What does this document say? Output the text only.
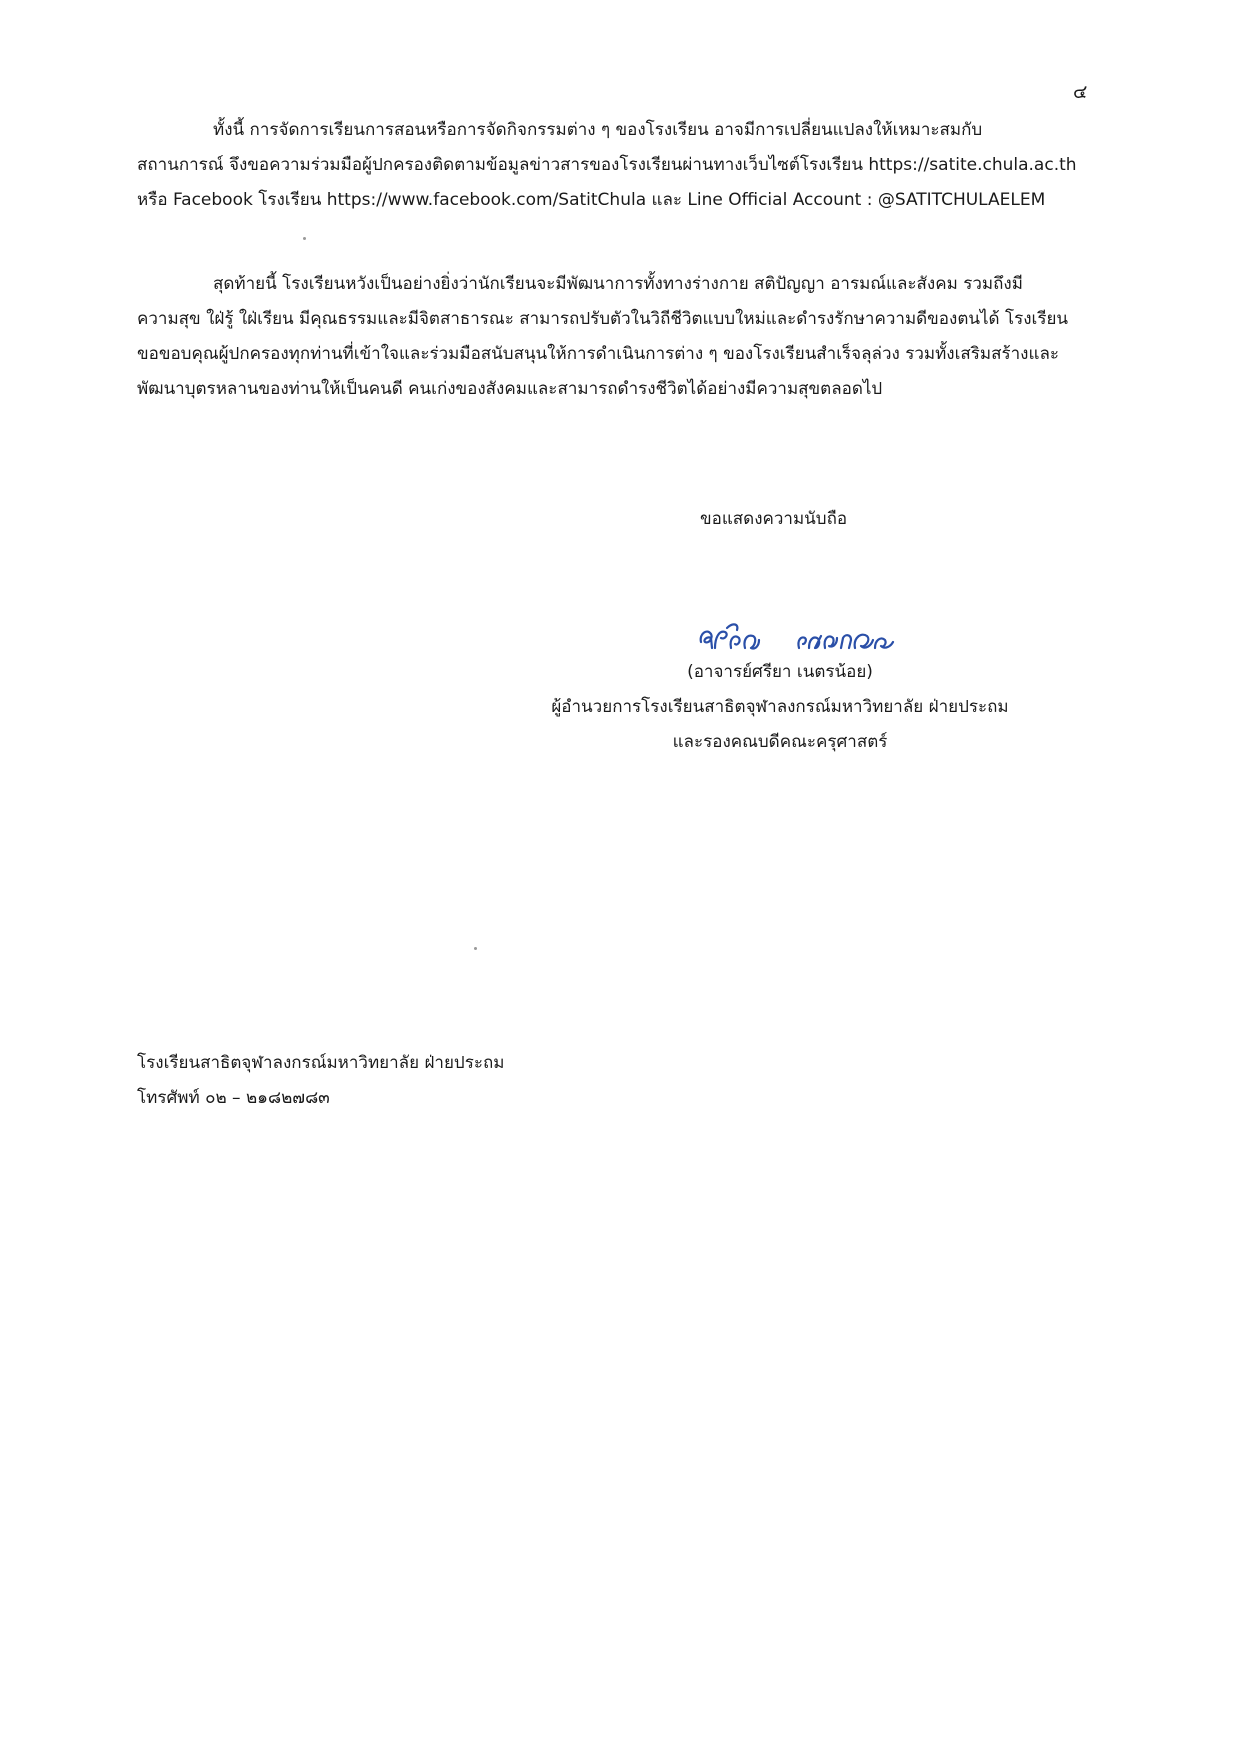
๔
ทั้งนี้ การจัดการเรียนการสอนหรือการจัดกิจกรรมต่าง ๆ ของโรงเรียน อาจมีการเปลี่ยนแปลงให้เหมาะสมกับ
สถานการณ์ จึงขอความร่วมมือผู้ปกครองติดตามข้อมูลข่าวสารของโรงเรียนผ่านทางเว็บไซต์โรงเรียน https://satite.chula.ac.th
หรือ Facebook โรงเรียน https://www.facebook.com/SatitChula และ Line Official Account : @SATITCHULAELEM
สุดท้ายนี้ โรงเรียนหวังเป็นอย่างยิ่งว่านักเรียนจะมีพัฒนาการทั้งทางร่างกาย สติปัญญา อารมณ์และสังคม รวมถึงมี
ความสุข ใฝ่รู้ ใฝ่เรียน มีคุณธรรมและมีจิตสาธารณะ สามารถปรับตัวในวิถีชีวิตแบบใหม่และดำรงรักษาความดีของตนได้ โรงเรียน
ขอขอบคุณผู้ปกครองทุกท่านที่เข้าใจและร่วมมือสนับสนุนให้การดำเนินการต่าง ๆ ของโรงเรียนสำเร็จลุล่วง รวมทั้งเสริมสร้างและ
พัฒนาบุตรหลานของท่านให้เป็นคนดี คนเก่งของสังคมและสามารถดำรงชีวิตได้อย่างมีความสุขตลอดไป
ขอแสดงความนับถือ
(อาจารย์ศรียา เนตรน้อย)
ผู้อำนวยการโรงเรียนสาธิตจุฬาลงกรณ์มหาวิทยาลัย ฝ่ายประถม
และรองคณบดีคณะครุศาสตร์
โรงเรียนสาธิตจุฬาลงกรณ์มหาวิทยาลัย ฝ่ายประถม
โทรศัพท์ ๐๒ – ๒๑๘๒๗๘๓
